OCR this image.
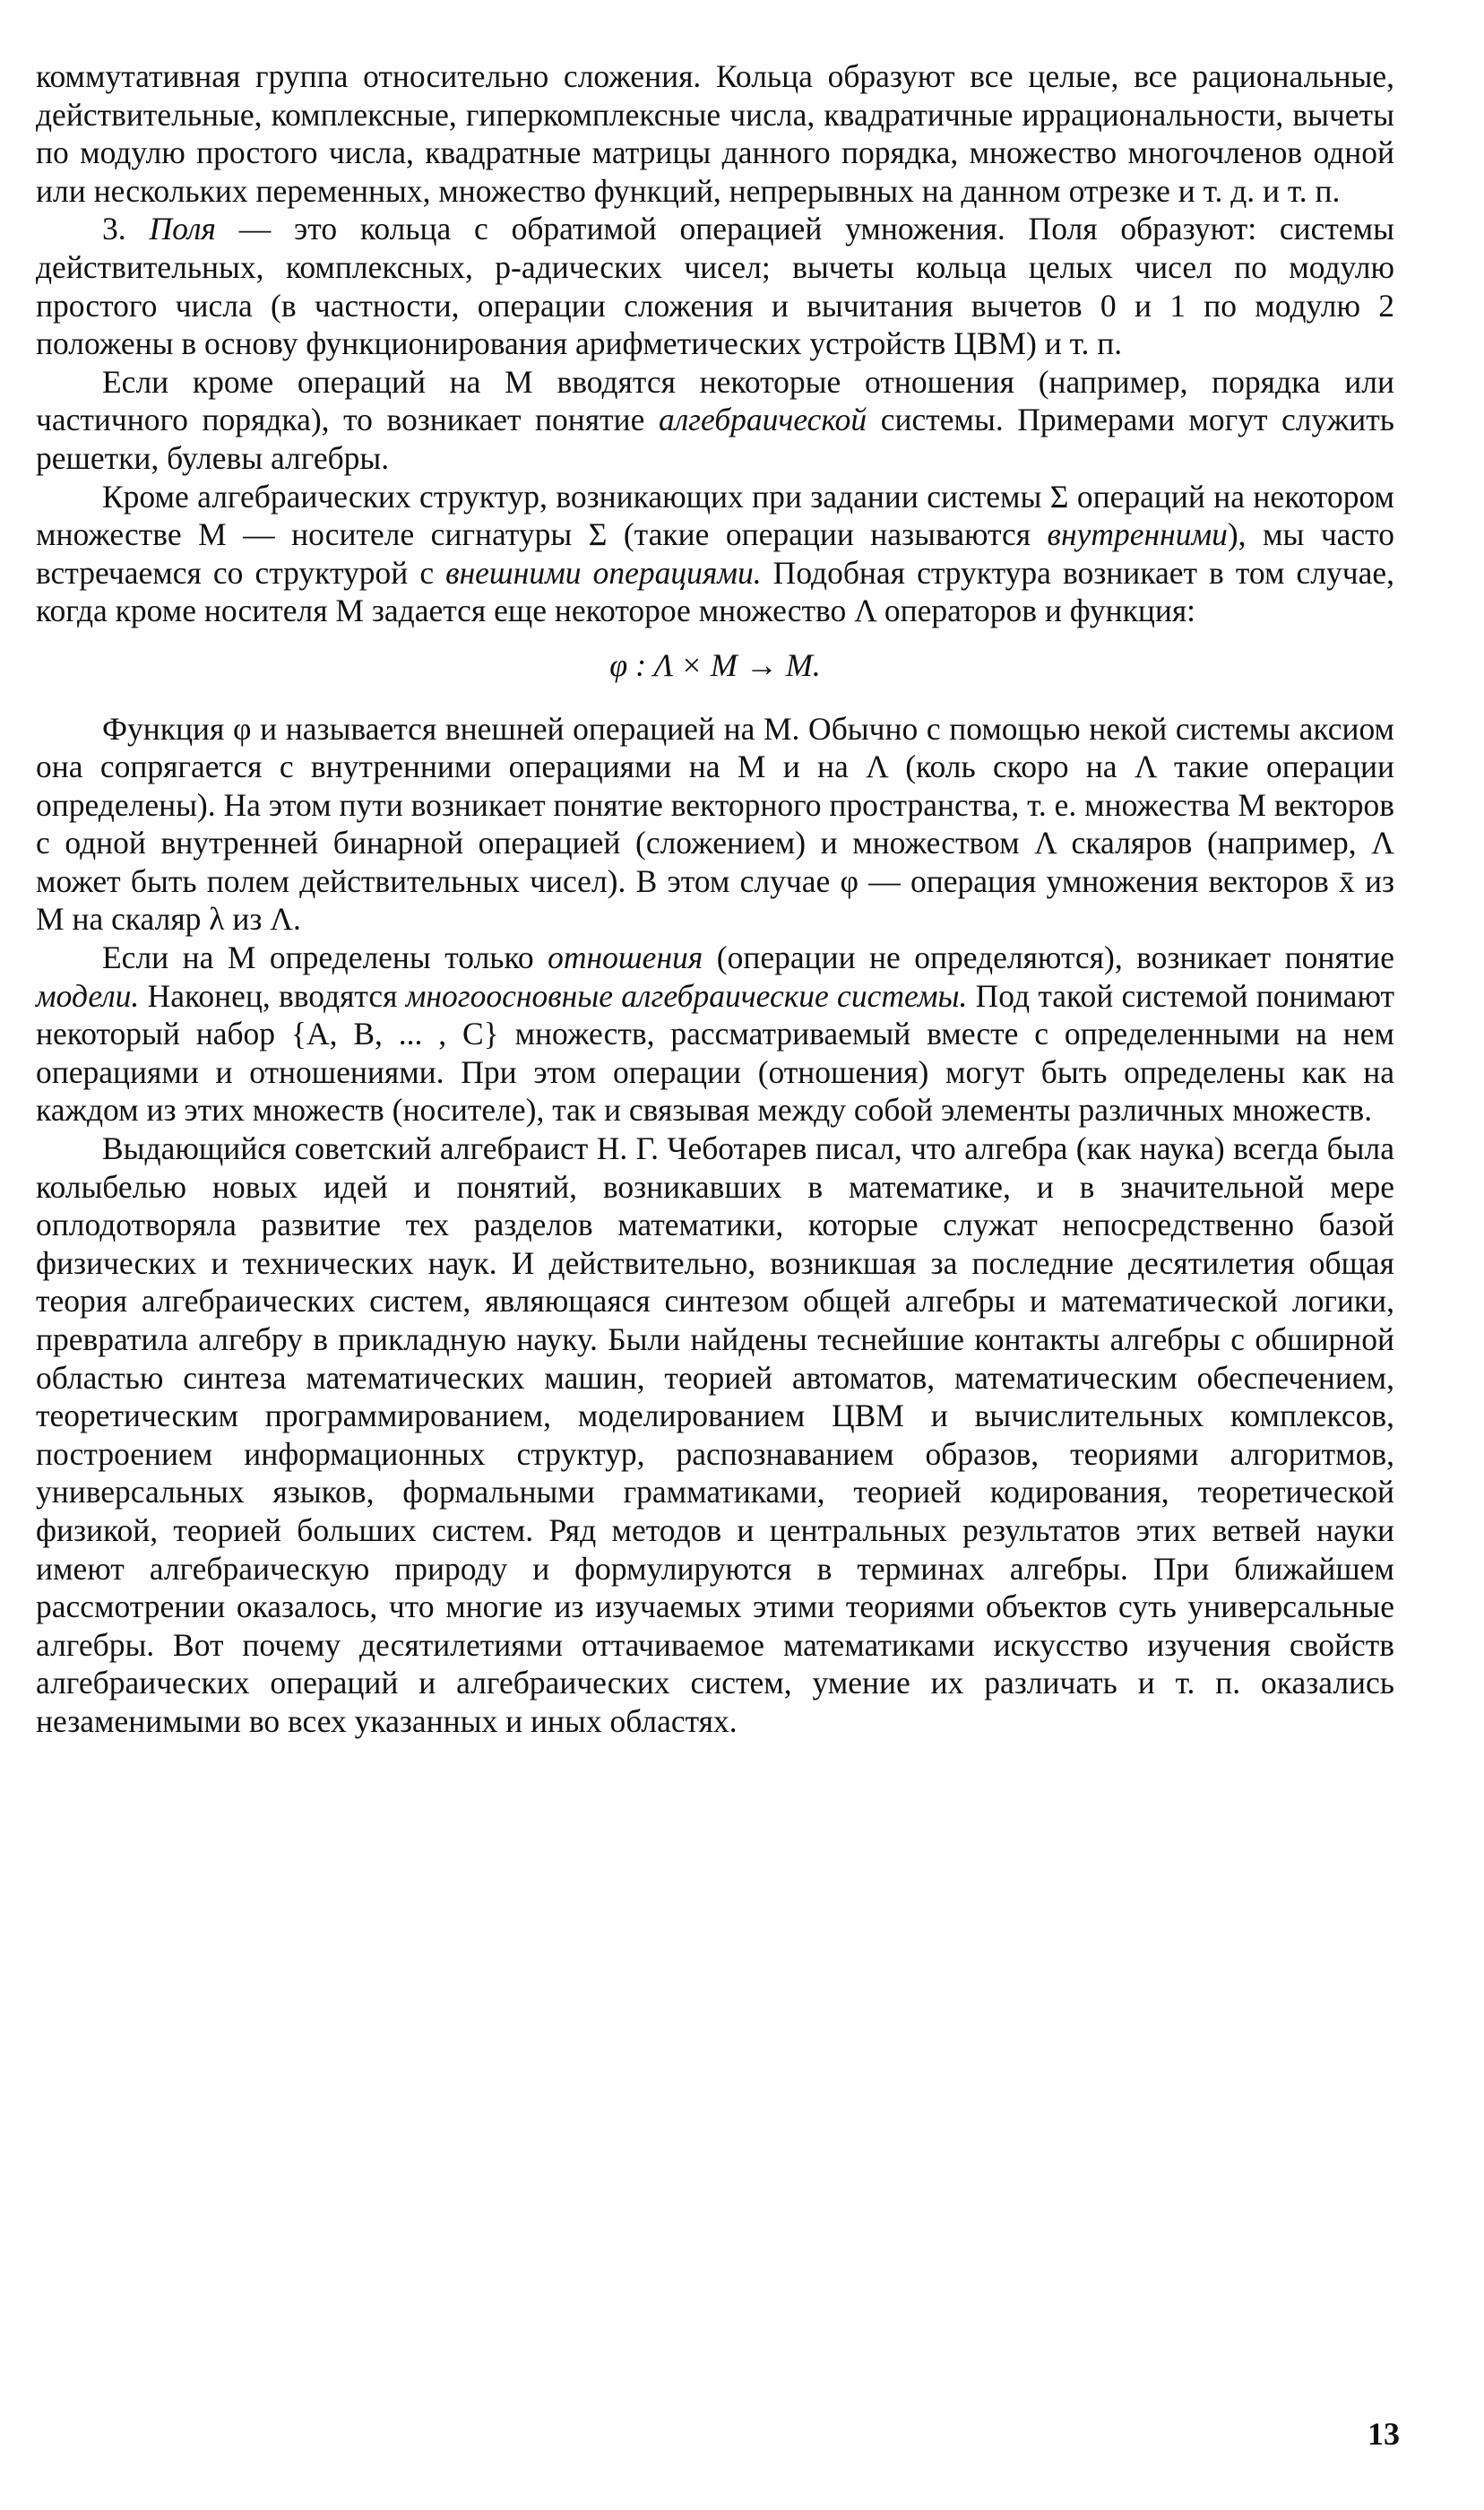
коммутативная группа относительно сложения. Кольца образуют все целые, все рациональные, действительные, комплексные, гиперкомплексные числа, квадратичные иррациональности, вычеты по модулю простого числа, квадратные матрицы данного порядка, множество многочленов одной или нескольких переменных, множество функций, непрерывных на данном отрезке и т. д. и т. п.

3. Поля — это кольца с обратимой операцией умножения. Поля образуют: системы действительных, комплексных, p-адических чисел; вычеты кольца целых чисел по модулю простого числа (в частности, операции сложения и вычитания вычетов 0 и 1 по модулю 2 положены в основу функционирования арифметических устройств ЦВМ) и т. п.

Если кроме операций на M вводятся некоторые отношения (например, порядка или частичного порядка), то возникает понятие алгебраической системы. Примерами могут служить решетки, булевы алгебры.

Кроме алгебраических структур, возникающих при задании системы Σ операций на некотором множестве M — носителе сигнатуры Σ (такие операции называются внутренними), мы часто встречаемся со структурой с внешними операциями. Подобная структура возникает в том случае, когда кроме носителя M задается еще некоторое множество Λ операторов и функция:

φ : Λ × M → M.

Функция φ и называется внешней операцией на M. Обычно с помощью некой системы аксиом она сопрягается с внутренними операциями на M и на Λ (коль скоро на Λ такие операции определены). На этом пути возникает понятие векторного пространства, т. е. множества M векторов с одной внутренней бинарной операцией (сложением) и множеством Λ скаляров (например, Λ может быть полем действительных чисел). В этом случае φ — операция умножения векторов x̄ из M на скаляр λ из Λ.

Если на M определены только отношения (операции не определяются), возникает понятие модели. Наконец, вводятся многоосновные алгебраические системы. Под такой системой понимают некоторый набор {A, B, ... , C} множеств, рассматриваемый вместе с определенными на нем операциями и отношениями. При этом операции (отношения) могут быть определены как на каждом из этих множеств (носителе), так и связывая между собой элементы различных множеств.

Выдающийся советский алгебраист Н. Г. Чеботарев писал, что алгебра (как наука) всегда была колыбелью новых идей и понятий, возникавших в математике, и в значительной мере оплодотворяла развитие тех разделов математики, которые служат непосредственно базой физических и технических наук. И действительно, возникшая за последние десятилетия общая теория алгебраических систем, являющаяся синтезом общей алгебры и математической логики, превратила алгебру в прикладную науку. Были найдены теснейшие контакты алгебры с обширной областью синтеза математических машин, теорией автоматов, математическим обеспечением, теоретическим программированием, моделированием ЦВМ и вычислительных комплексов, построением информационных структур, распознаванием образов, теориями алгоритмов, универсальных языков, формальными грамматиками, теорией кодирования, теоретической физикой, теорией больших систем. Ряд методов и центральных результатов этих ветвей науки имеют алгебраическую природу и формулируются в терминах алгебры. При ближайшем рассмотрении оказалось, что многие из изучаемых этими теориями объектов суть универсальные алгебры. Вот почему десятилетиями оттачиваемое математиками искусство изучения свойств алгебраических операций и алгебраических систем, умение их различать и т. п. оказались незаменимыми во всех указанных и иных областях.

13
